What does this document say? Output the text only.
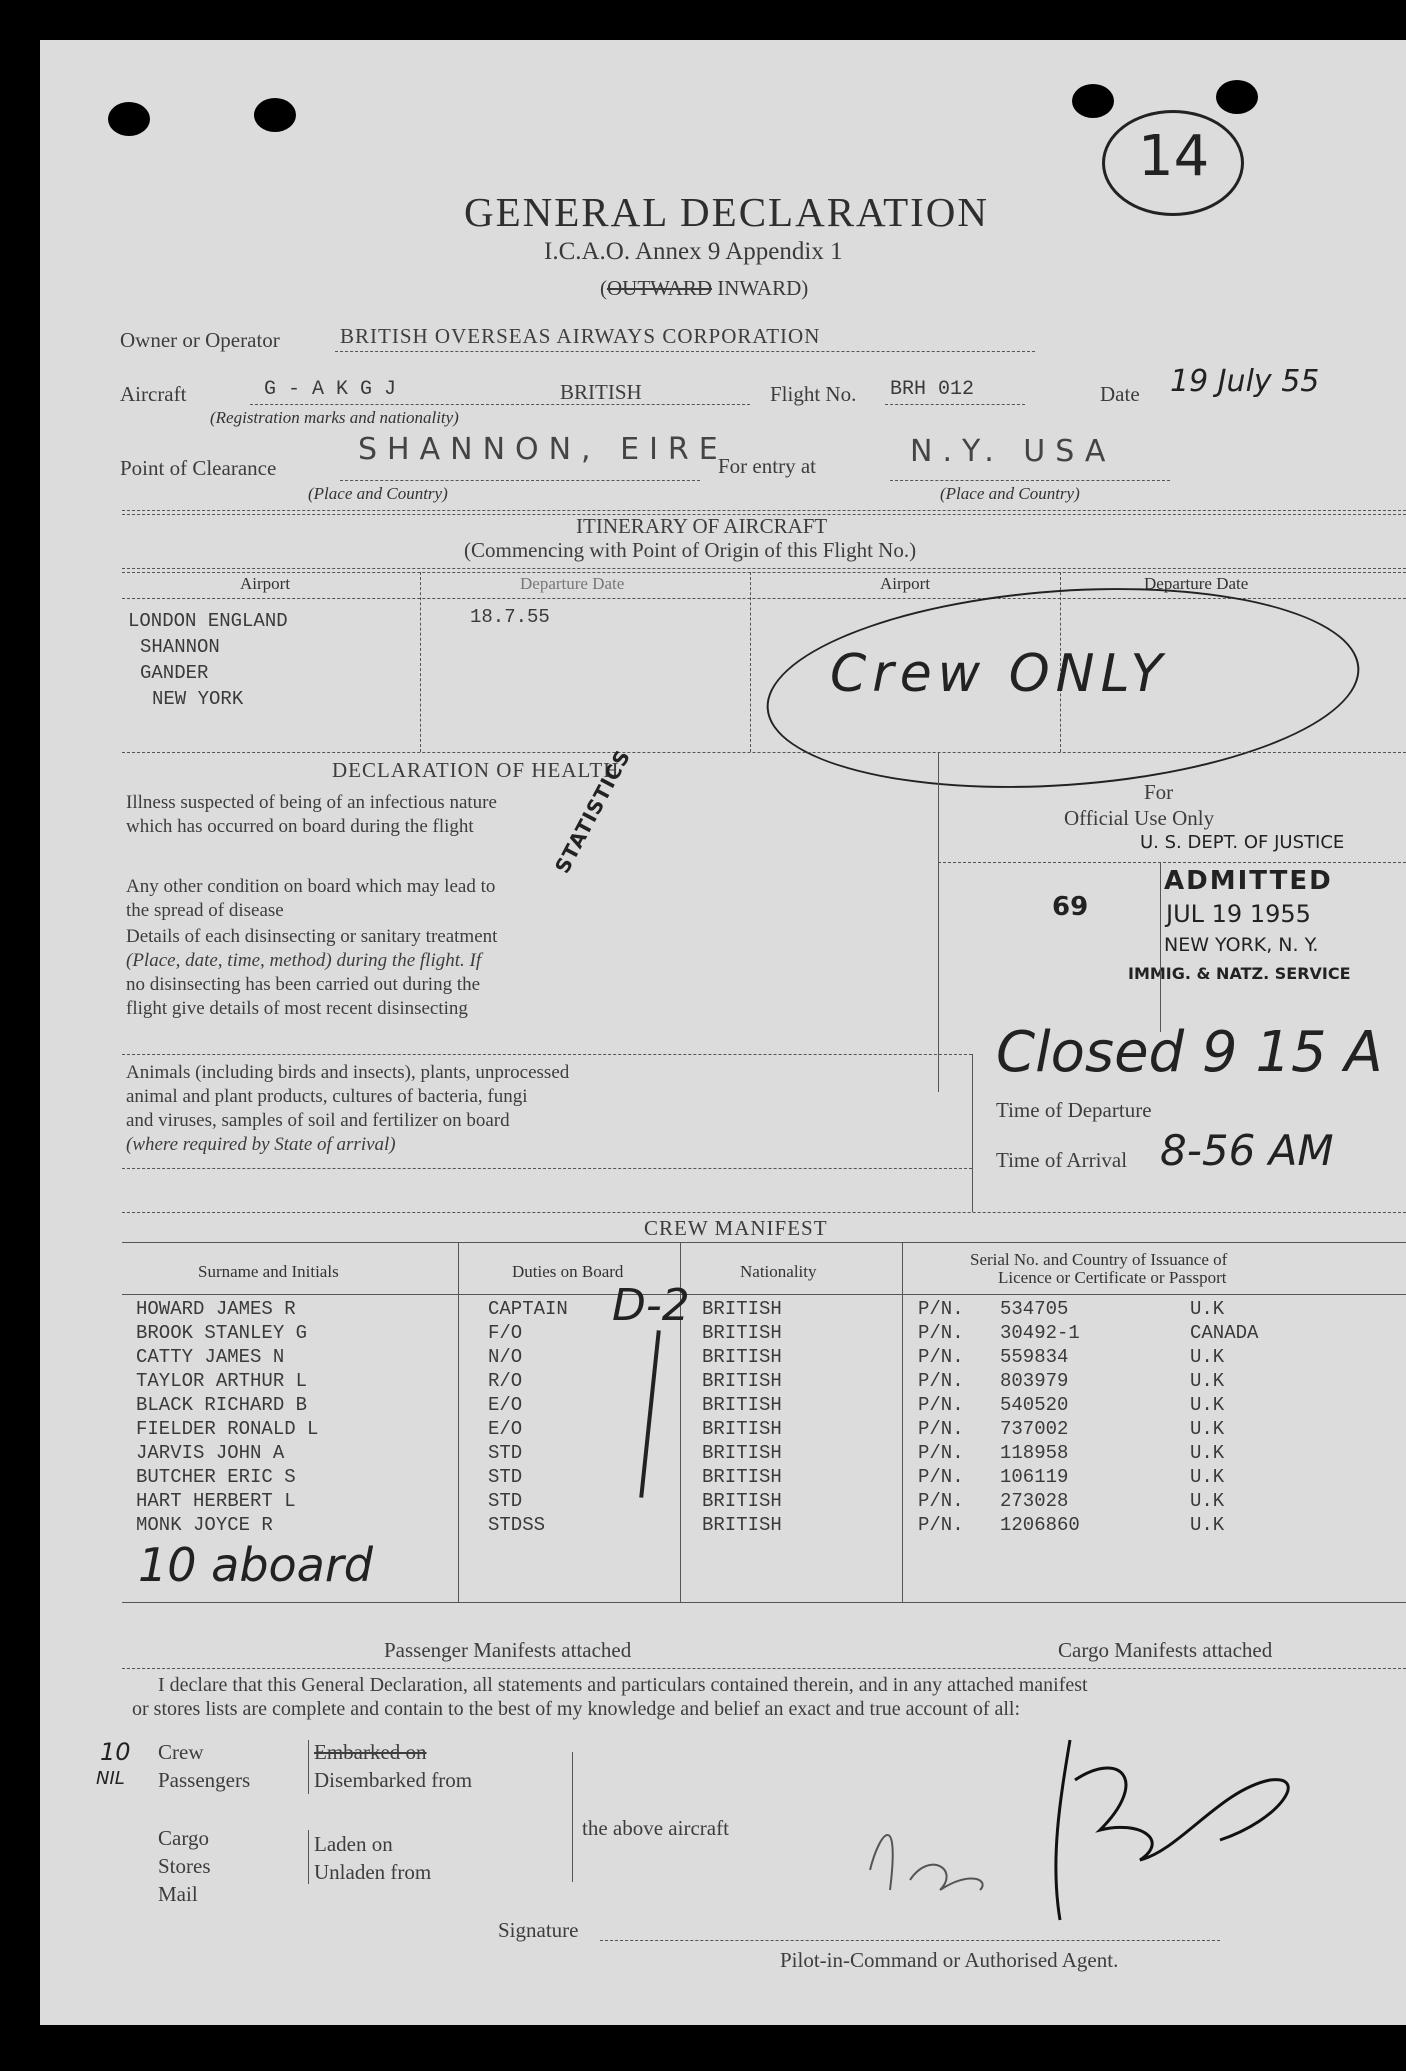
14
GENERAL DECLARATION
I.C.A.O. Annex 9 Appendix 1
(OUTWARD INWARD)
Owner or Operator	BRITISH OVERSEAS AIRWAYS CORPORATION
Aircraft	G - A K G J	BRITISH
(Registration marks and nationality)
Flight No. BRH 012	Date 19 July 55
Point of Clearance
SHANNON, EIRE
(Place and Country)
For entry at	N.Y. USA
(Place and Country)
ITINERARY OF AIRCRAFT
(Commencing with Point of Origin of this Flight No.)
Airport	Departure Date	Airport	Departure Date
LONDON ENGLAND
SHANNON
GANDER
NEW YORK
18.7.55
Crew ONLY
DECLARATION OF HEALTH
STATISTICS
Illness suspected of being of an infectious nature
which has occurred on board during the flight
Any other condition on board which may lead to
the spread of disease
Details of each disinsecting or sanitary treatment
(Place, date, time, method) during the flight. If
no disinsecting has been carried out during the
flight give details of most recent disinsecting
For
Official Use Only
U. S. DEPT. OF JUSTICE
69
ADMITTED
JUL 19 1955
NEW YORK, N. Y.
IMMIG. & NATZ. SERVICE
Animals (including birds and insects), plants, unprocessed
animal and plant products, cultures of bacteria, fungi
and viruses, samples of soil and fertilizer on board
(where required by State of arrival)
Closed 9 15 A
Time of Departure
Time of Arrival 8-56 AM
CREW MANIFEST
Surname and Initials	Duties on Board	Nationality
Serial No. and Country of Issuance of
Licence or Certificate or Passport
HOWARD JAMES R	CAPTAIN	BRITISH	P/N. 534705	U.K
BROOK STANLEY G	F/O	BRITISH	P/N. 30492-1	CANADA
CATTY JAMES N	N/O	BRITISH	P/N. 559834	U.K
TAYLOR ARTHUR L	R/O	BRITISH	P/N. 803979	U.K
BLACK RICHARD B	E/O	BRITISH	P/N. 540520	U.K
FIELDER RONALD L	E/O	BRITISH	P/N. 737002	U.K
JARVIS JOHN A	STD	BRITISH	P/N. 118958	U.K
BUTCHER ERIC S	STD	BRITISH	P/N. 106119	U.K
HART HERBERT L	STD	BRITISH	P/N. 273028	U.K
MONK JOYCE R	STDSS	BRITISH	P/N. 1206860	U.K
D-2
10 aboard
Passenger Manifests attached	Cargo Manifests attached
I declare that this General Declaration, all statements and particulars contained therein, and in any attached manifest
or stores lists are complete and contain to the best of my knowledge and belief an exact and true account of all:
10
NIL
Crew
Passengers
Cargo
Stores
Mail
Embarked on
Disembarked from
Laden on
Unladen from
the above aircraft
Signature
Pilot-in-Command or Authorised Agent.
